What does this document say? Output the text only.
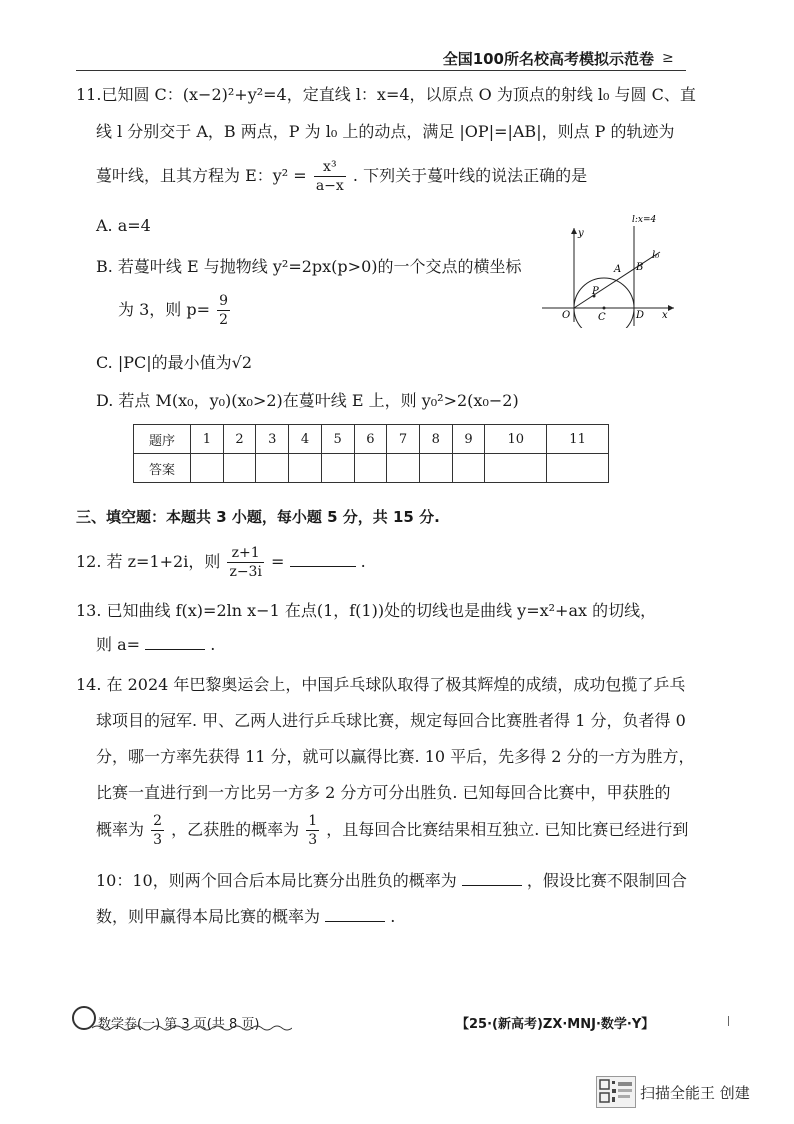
全国100所名校高考模拟示范卷 ≥
11.已知圆 C：(x−2)²+y²=4，定直线 l：x=4，以原点 O 为顶点的射线 l₀ 与圆 C、直
线 l 分别交于 A，B 两点，P 为 l₀ 上的动点，满足 |OP|=|AB|，则点 P 的轨迹为
蔓叶线，且其方程为 E：$y^2 = \frac{\text{x³}}{a-x}$ . 下列关于蔓叶线的说法正确的是
A. a=4
B. 若蔓叶线 E 与抛物线 y²=2px(p>0)的一个交点的横坐标
为 3，则 $p= \frac{9}{2}$
C. |PC|的最小值为√2
D. 若点 M(x₀，y₀)(x₀>2)在蔓叶线 E 上，则 y₀²>2(x₀−2)
l:x=4
y
x
O	C	D
P
A B
l₀
题序	1	2	3	4	5	6	7	8	9	10	11
答案											
三、填空题：本题共 3 小题，每小题 5 分，共 15 分.
12. 若 z=1+2i，则 $\frac{z+1}{z-3i}$ =	.
13. 已知曲线 f(x)=2ln x−1 在点(1，f(1))处的切线也是曲线 y=x²+ax 的切线，
则 a=	.
14. 在 2024 年巴黎奥运会上，中国乒乓球队取得了极其辉煌的成绩，成功包揽了乒乓
球项目的冠军. 甲、乙两人进行乒乓球比赛，规定每回合比赛胜者得 1 分，负者得 0
分，哪一方率先获得 11 分，就可以赢得比赛. 10 平后，先多得 2 分的一方为胜方，
比赛一直进行到一方比另一方多 2 分方可分出胜负. 已知每回合比赛中，甲获胜的
概率为 $\frac{2}{3}$ ，乙获胜的概率为 $\frac{1}{3}$ ，且每回合比赛结果相互独立. 已知比赛已经进行到
10：10，则两个回合后本局比赛分出胜负的概率为	，假设比赛不限制回合
数，则甲赢得本局比赛的概率为	.
数学卷(一) 第 3 页(共 8 页)	【25·(新高考)ZX·MNJ·数学·Y】
扫描全能王 创建
